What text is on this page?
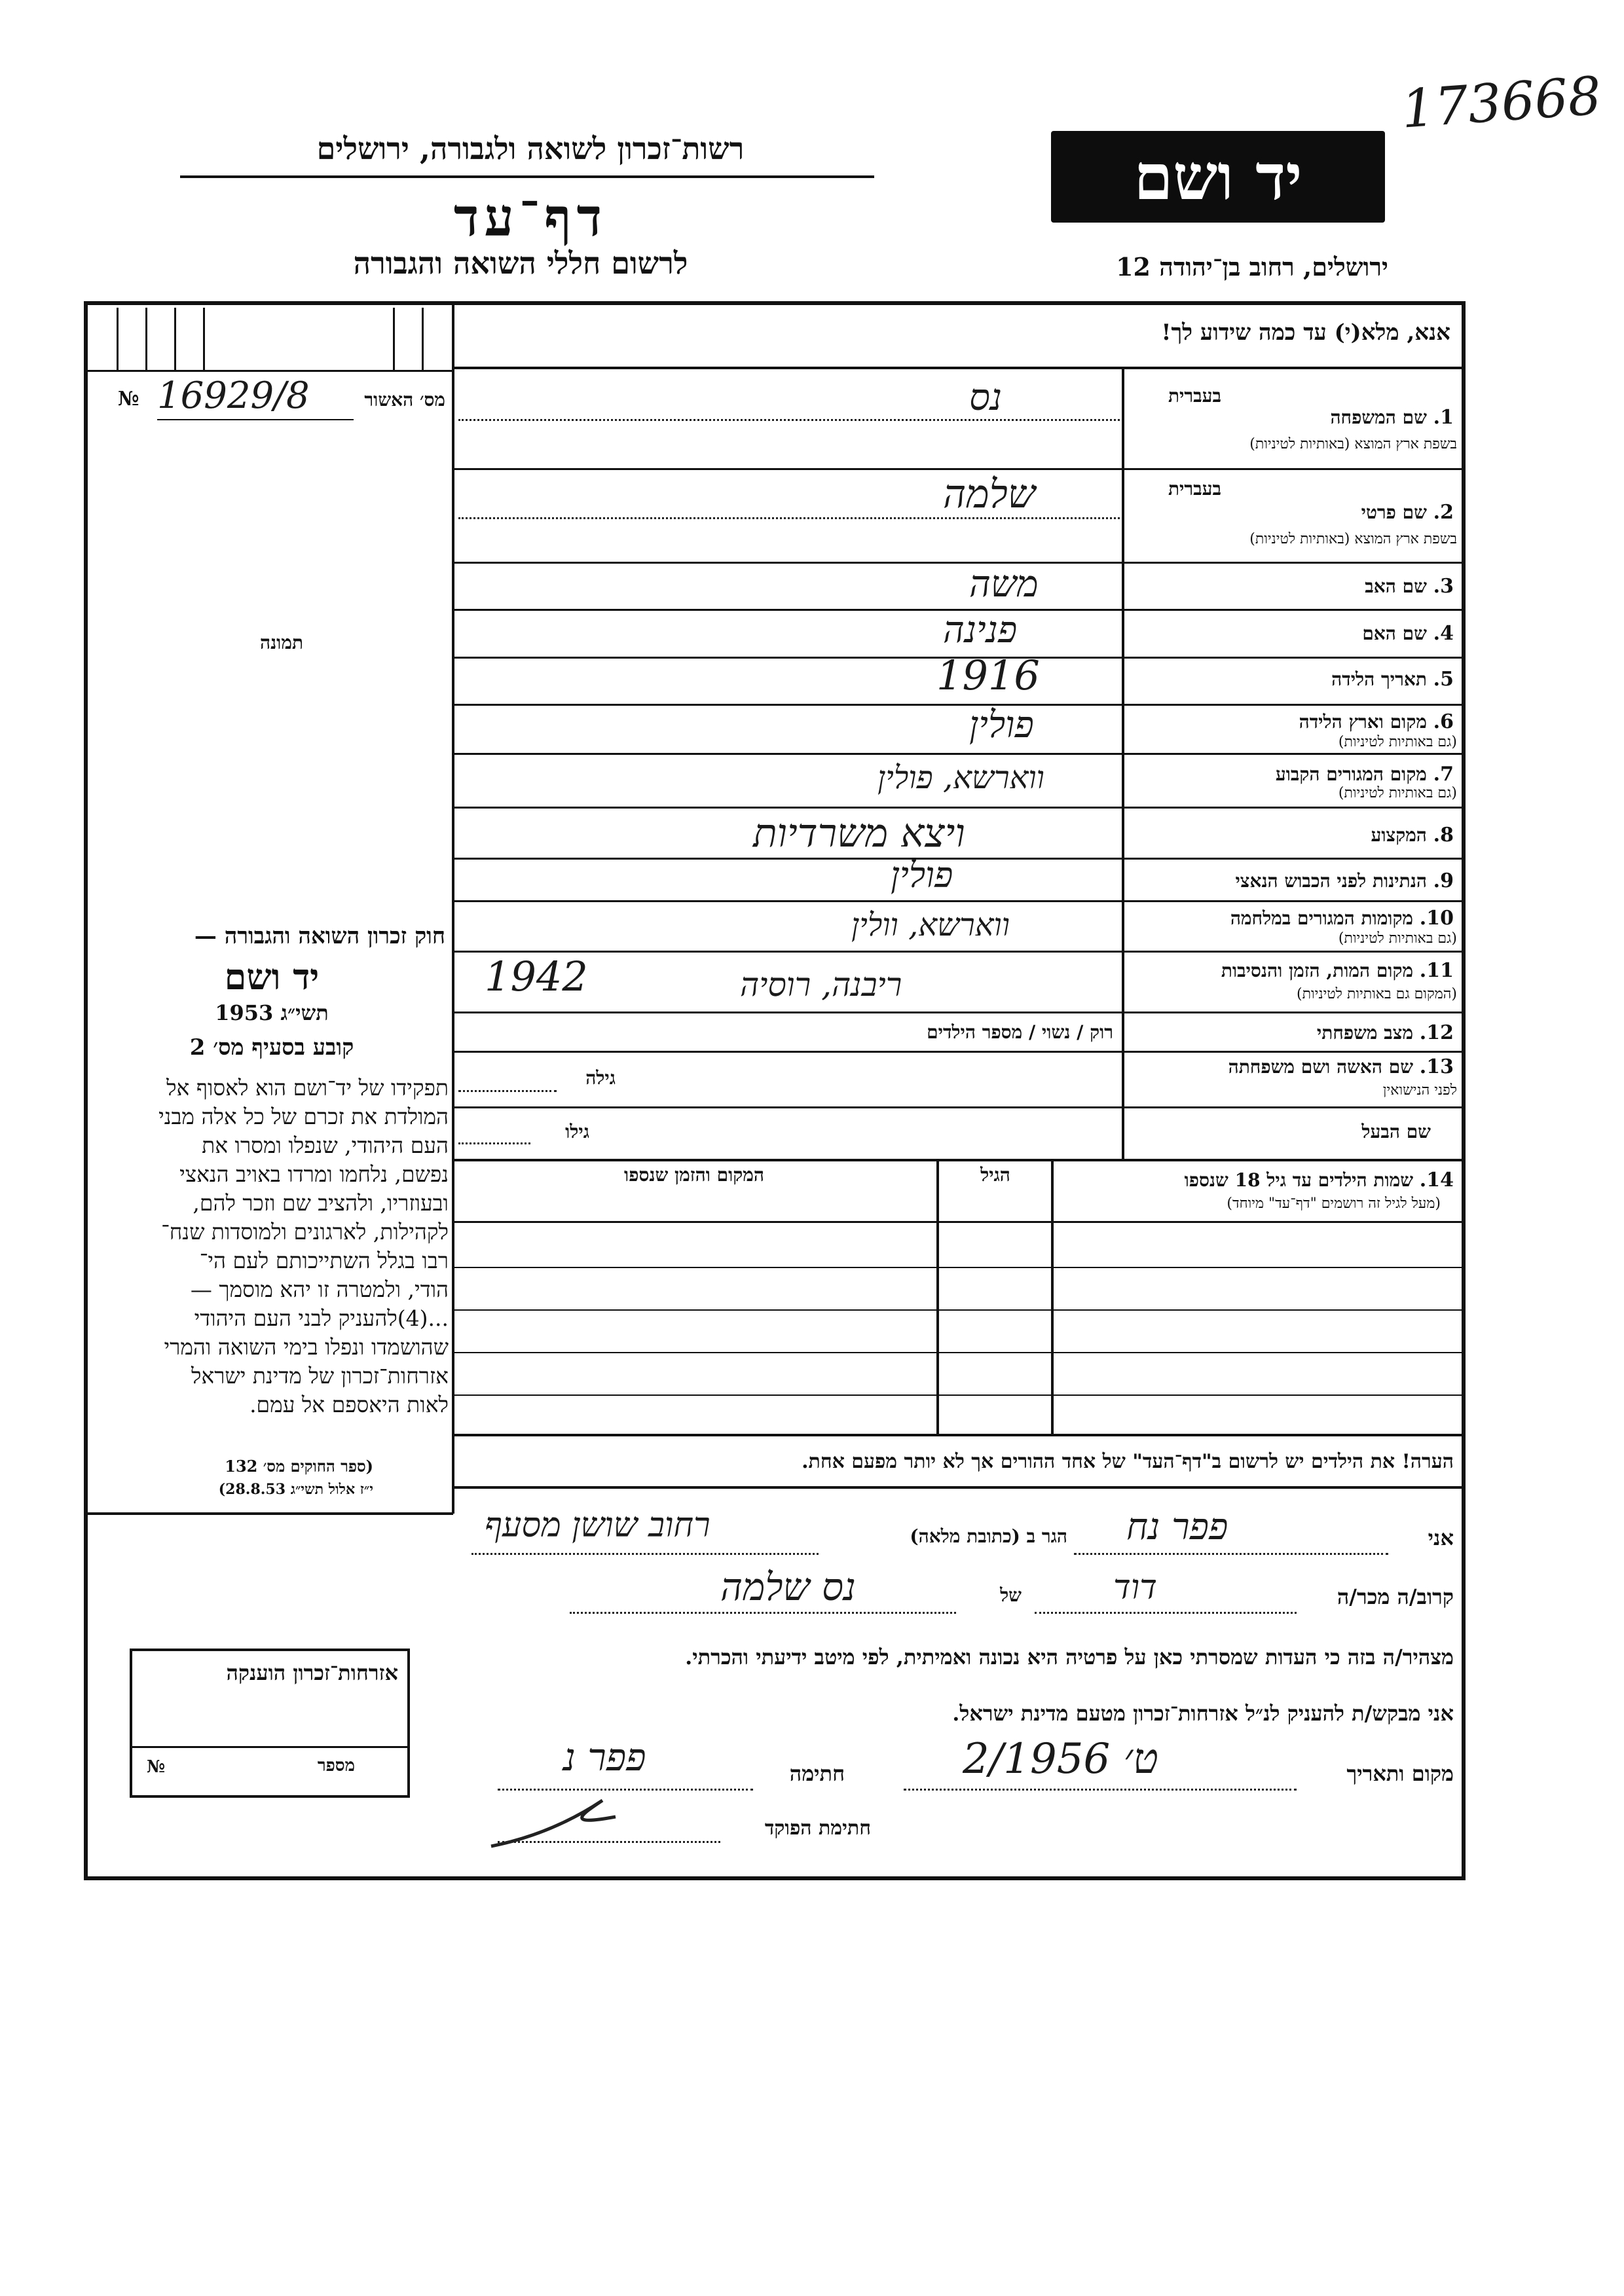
173668
רשות־זכרון לשואה ולגבורה, ירושלים
דף־עד
לרשום חללי השואה והגבורה
יד ושם
ירושלים, רחוב בן־יהודה 12
№ 16929/8	מס׳ האשור
תמונה
חוק זכרון השואה והגבורה —
יד ושם
תשי״ג 1953
קובע בסעיף מס׳ 2
תפקידו של יד־ושם הוא לאסוף אל
המולדת את זכרם של כל אלה מבני
העם היהודי, שנפלו ומסרו את
נפשם, נלחמו ומרדו באויב הנאצי
ובעוזריו, ולהציב שם וזכר להם,
לקהילות, לארגונים ולמוסדות שנח־
רבו בגלל השתייכותם לעם הי־
הודי, ולמטרה זו יהא מוסמך —
...(4)להעניק לבני העם היהודי
שהושמדו ונפלו בימי השואה והמרי
אזרחות־זכרון של מדינת ישראל
לאות היאספם אל עמם.
(ספר החוקים מס׳ 132
י״ז אלול תשי״ג 28.8.53)
אנא, מלא(י) עד כמה שידוע לך!
בעברית
1. שם המשפחה
בשפת ארץ המוצא (באותיות לטיניות)
נס
בעברית
2. שם פרטי
בשפת ארץ המוצא (באותיות לטיניות)
שלמה
3. שם האב
משה
4. שם האם
פנינה
5. תאריך הלידה
1916
6. מקום וארץ הלידה
(גם באותיות לטיניות)
פולין
7. מקום המגורים הקבוע
(גם באותיות לטיניות)
ווארשא, פולין
8. המקצוע
ויצא משרדיות
9. הנתינות לפני הכבוש הנאצי
פולין
10. מקומות המגורים במלחמה
(גם באותיות לטיניות)
ווארשא, וולין
11. מקום המות, הזמן והנסיבות
(המקום גם באותיות לטיניות)
ריבנה, רוסיה
1942
12. מצב משפחתי
רוק / נשוי / מספר הילדים
13. שם האשה ושם משפחתה
לפני הנישואין
גילה
שם הבעל
גילו
14. שמות הילדים עד גיל 18 שנספו
(מעל לגיל זה רושמים "דף־עד" מיוחד)
הגיל
המקום והזמן שנספו
הערה! את הילדים יש לרשום ב"דף־העד" של אחד ההורים אך לא יותר מפעם אחת.
אני
פפר נח
הגר ב (כתובת מלאה)
רחוב שושן מסעף
קרוב/ה מכר/ה
דוד
של
נס שלמה
מצהיר/ה בזה כי העדות שמסרתי כאן על פרטיה היא נכונה ואמיתית, לפי מיטב ידיעתי והכרתי.
אני מבקש/ת להעניק לנ״ל אזרחות־זכרון מטעם מדינת ישראל.
מקום ותאריך
2/ט׳ 1956
חתימה
פפר נ
חתימת הפוקד
אזרחות־זכרון הוענקה
№	מספר
